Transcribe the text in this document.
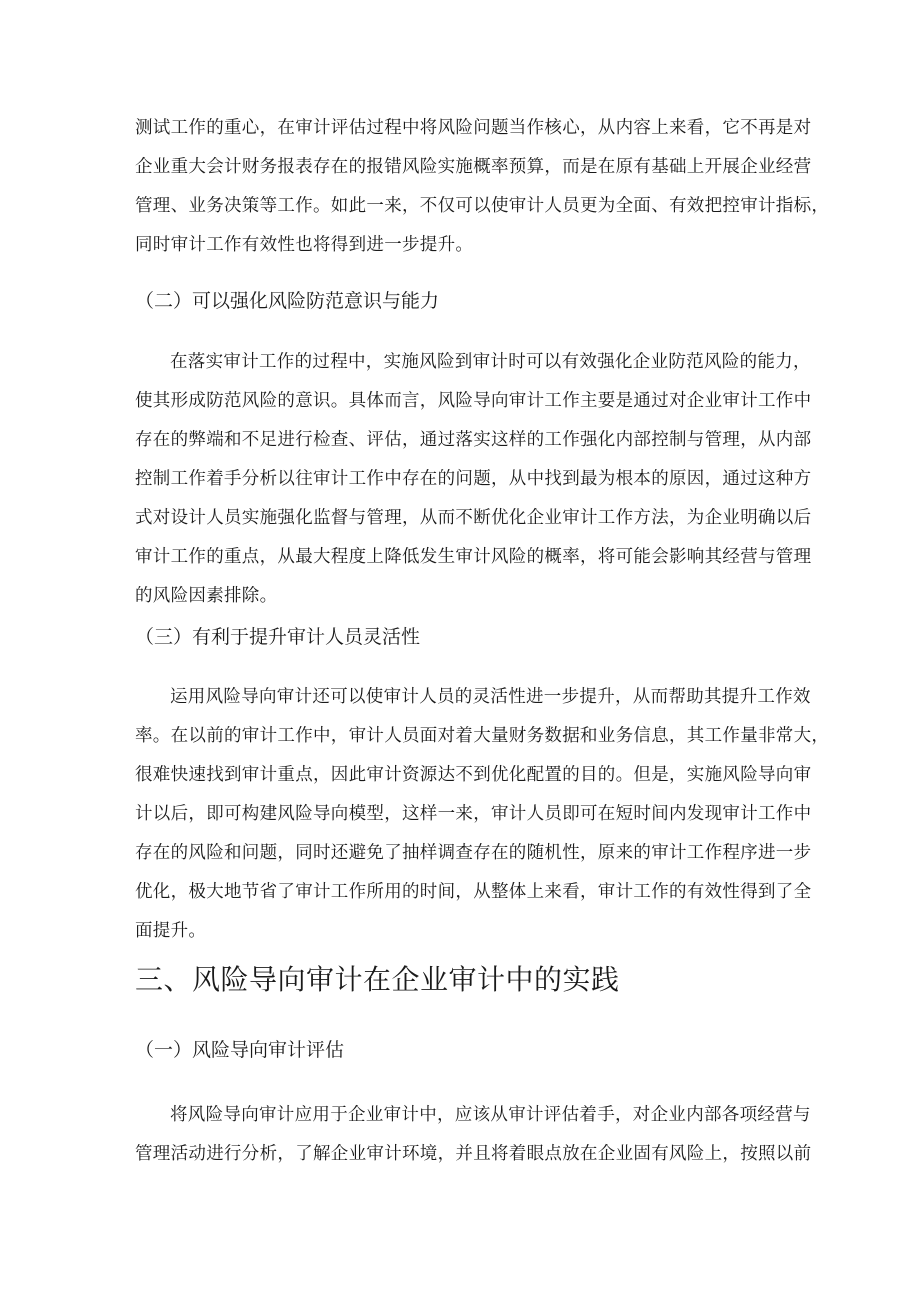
测试工作的重心，在审计评估过程中将风险问题当作核心，从内容上来看，它不再是对
企业重大会计财务报表存在的报错风险实施概率预算，而是在原有基础上开展企业经营
管理、业务决策等工作。如此一来，不仅可以使审计人员更为全面、有效把控审计指标，
同时审计工作有效性也将得到进一步提升。
（二）可以强化风险防范意识与能力
在落实审计工作的过程中，实施风险到审计时可以有效强化企业防范风险的能力，
使其形成防范风险的意识。具体而言，风险导向审计工作主要是通过对企业审计工作中
存在的弊端和不足进行检查、评估，通过落实这样的工作强化内部控制与管理，从内部
控制工作着手分析以往审计工作中存在的问题，从中找到最为根本的原因，通过这种方
式对设计人员实施强化监督与管理，从而不断优化企业审计工作方法，为企业明确以后
审计工作的重点，从最大程度上降低发生审计风险的概率，将可能会影响其经营与管理
的风险因素排除。
（三）有利于提升审计人员灵活性
运用风险导向审计还可以使审计人员的灵活性进一步提升，从而帮助其提升工作效
率。在以前的审计工作中，审计人员面对着大量财务数据和业务信息，其工作量非常大，
很难快速找到审计重点，因此审计资源达不到优化配置的目的。但是，实施风险导向审
计以后，即可构建风险导向模型，这样一来，审计人员即可在短时间内发现审计工作中
存在的风险和问题，同时还避免了抽样调查存在的随机性，原来的审计工作程序进一步
优化，极大地节省了审计工作所用的时间，从整体上来看，审计工作的有效性得到了全
面提升。
三、风险导向审计在企业审计中的实践
（一）风险导向审计评估
将风险导向审计应用于企业审计中，应该从审计评估着手，对企业内部各项经营与
管理活动进行分析，了解企业审计环境，并且将着眼点放在企业固有风险上，按照以前
